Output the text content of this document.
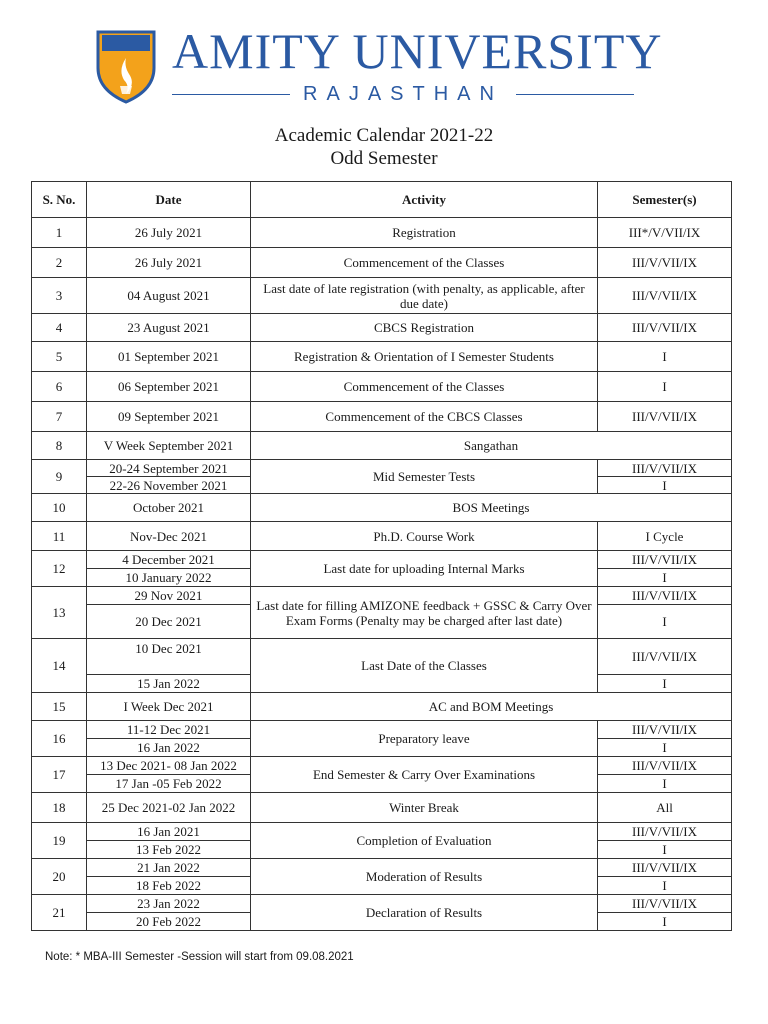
AMITY UNIVERSITY
RAJASTHAN
Academic Calendar 2021-22
Odd Semester
S. No.	Date	Activity	Semester(s)
1	26 July 2021	Registration	III*/V/VII/IX
2	26 July 2021	Commencement of the Classes	III/V/VII/IX
3	04 August 2021	Last date of late registration (with penalty, as applicable, after due date)	III/V/VII/IX
4	23 August 2021	CBCS Registration	III/V/VII/IX
5	01 September 2021	Registration & Orientation of I Semester Students	I
6	06 September 2021	Commencement of the Classes	I
7	09 September 2021	Commencement of the CBCS Classes	III/V/VII/IX
8	V Week September 2021	Sangathan	
9	20-24 September 2021	Mid Semester Tests	III/V/VII/IX
	22-26 November 2021		I
10	October 2021	BOS Meetings	
11	Nov-Dec 2021	Ph.D. Course Work	I Cycle
12	4 December 2021	Last date for uploading Internal Marks	III/V/VII/IX
	10 January 2022		I
13	29 Nov 2021	Last date for filling AMIZONE feedback + GSSC & Carry Over Exam Forms (Penalty may be charged after last date)	III/V/VII/IX
	20 Dec 2021		I
14	10 Dec 2021	Last Date of the Classes	III/V/VII/IX
	15 Jan 2022		I
15	I Week Dec 2021	AC and BOM Meetings	
16	11-12 Dec 2021	Preparatory leave	III/V/VII/IX
	16 Jan 2022		I
17	13 Dec 2021- 08 Jan 2022	End Semester & Carry Over Examinations	III/V/VII/IX
	17 Jan -05 Feb 2022		I
18	25 Dec 2021-02 Jan 2022	Winter Break	All
19	16 Jan 2021	Completion of Evaluation	III/V/VII/IX
	13 Feb 2022		I
20	21 Jan 2022	Moderation of Results	III/V/VII/IX
	18 Feb 2022		I
21	23 Jan 2022	Declaration of Results	III/V/VII/IX
	20 Feb 2022		I
Note: * MBA-III Semester -Session will start from 09.08.2021
